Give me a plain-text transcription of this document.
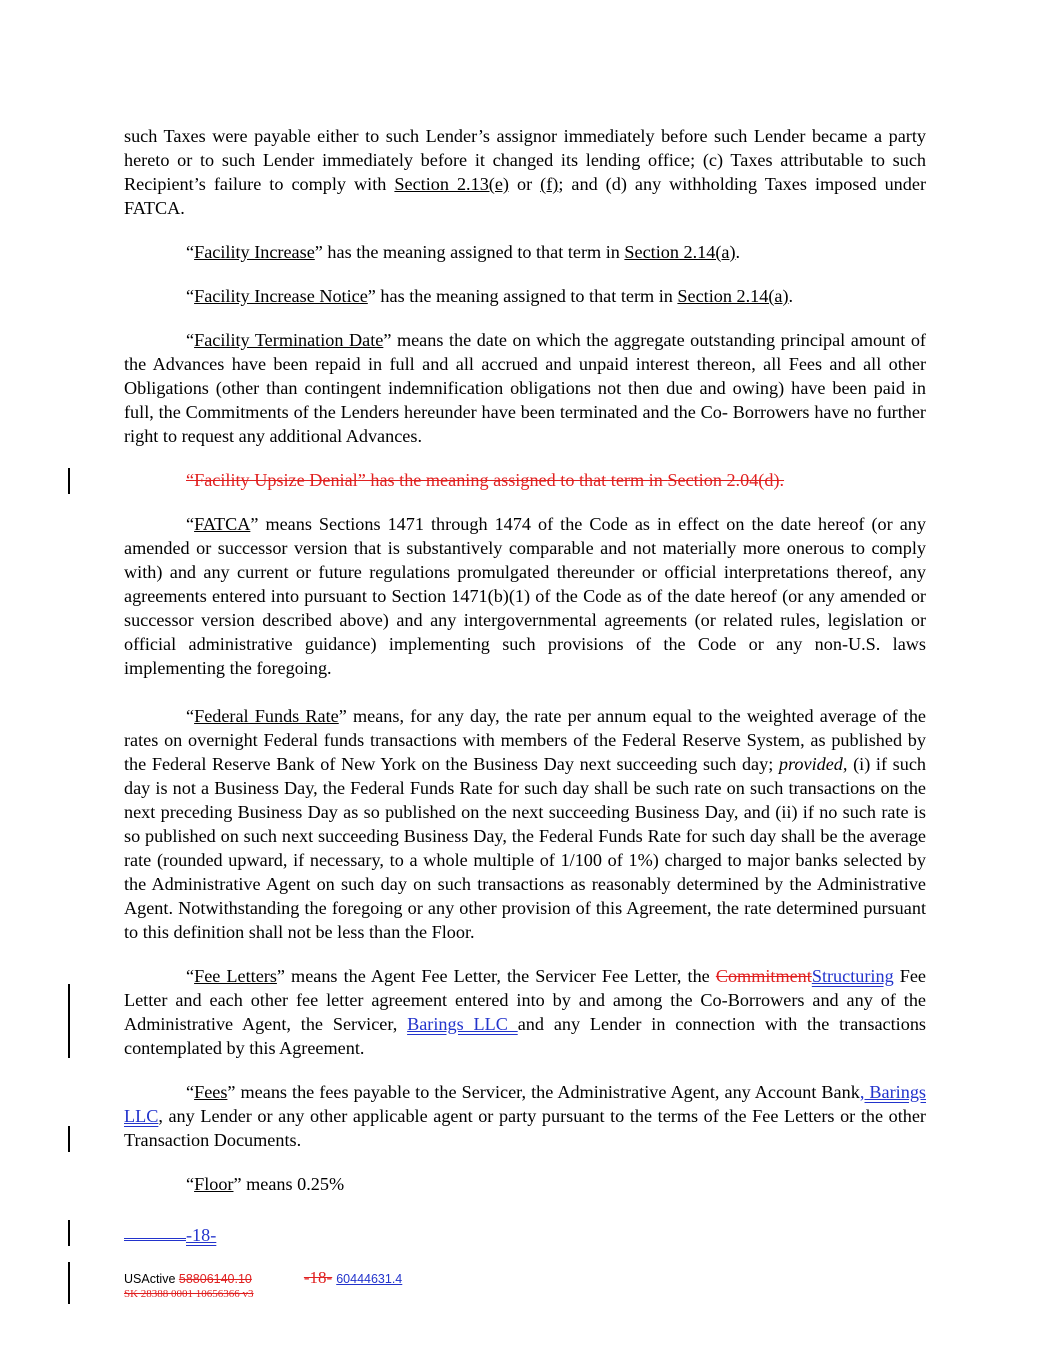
such Taxes were payable either to such Lender’s assignor immediately before such Lender became a party hereto or to such Lender immediately before it changed its lending office; (c) Taxes attributable to such Recipient’s failure to comply with Section 2.13(e) or (f); and (d) any withholding Taxes imposed under FATCA.

“Facility Increase” has the meaning assigned to that term in Section 2.14(a).

“Facility Increase Notice” has the meaning assigned to that term in Section 2.14(a).

“Facility Termination Date” means the date on which the aggregate outstanding principal amount of the Advances have been repaid in full and all accrued and unpaid interest thereon, all Fees and all other Obligations (other than contingent indemnification obligations not then due and owing) have been paid in full, the Commitments of the Lenders hereunder have been terminated and the Co- Borrowers have no further right to request any additional Advances.

“Facility Upsize Denial” has the meaning assigned to that term in Section 2.04(d).

“FATCA” means Sections 1471 through 1474 of the Code as in effect on the date hereof (or any amended or successor version that is substantively comparable and not materially more onerous to comply with) and any current or future regulations promulgated thereunder or official interpretations thereof, any agreements entered into pursuant to Section 1471(b)(1) of the Code as of the date hereof (or any amended or successor version described above) and any intergovernmental agreements (or related rules, legislation or official administrative guidance) implementing such provisions of the Code or any non-U.S. laws implementing the foregoing.

“Federal Funds Rate” means, for any day, the rate per annum equal to the weighted average of the rates on overnight Federal funds transactions with members of the Federal Reserve System, as published by the Federal Reserve Bank of New York on the Business Day next succeeding such day; provided, (i) if such day is not a Business Day, the Federal Funds Rate for such day shall be such rate on such transactions on the next preceding Business Day as so published on the next succeeding Business Day, and (ii) if no such rate is so published on such next succeeding Business Day, the Federal Funds Rate for such day shall be the average rate (rounded upward, if necessary, to a whole multiple of 1/100 of 1%) charged to major banks selected by the Administrative Agent on such day on such transactions as reasonably determined by the Administrative Agent. Notwithstanding the foregoing or any other provision of this Agreement, the rate determined pursuant to this definition shall not be less than the Floor.

“Fee Letters” means the Agent Fee Letter, the Servicer Fee Letter, the CommitmentStructuring Fee Letter and each other fee letter agreement entered into by and among the Co-Borrowers and any of the Administrative Agent, the Servicer, Barings LLC and any Lender in connection with the transactions contemplated by this Agreement.

“Fees” means the fees payable to the Servicer, the Administrative Agent, any Account Bank, Barings LLC, any Lender or any other applicable agent or party pursuant to the terms of the Fee Letters or the other Transaction Documents.

“Floor” means 0.25%

-18-
USActive 58806140.10	-18- 60444631.4
SK 28388 0001 10656366 v3
